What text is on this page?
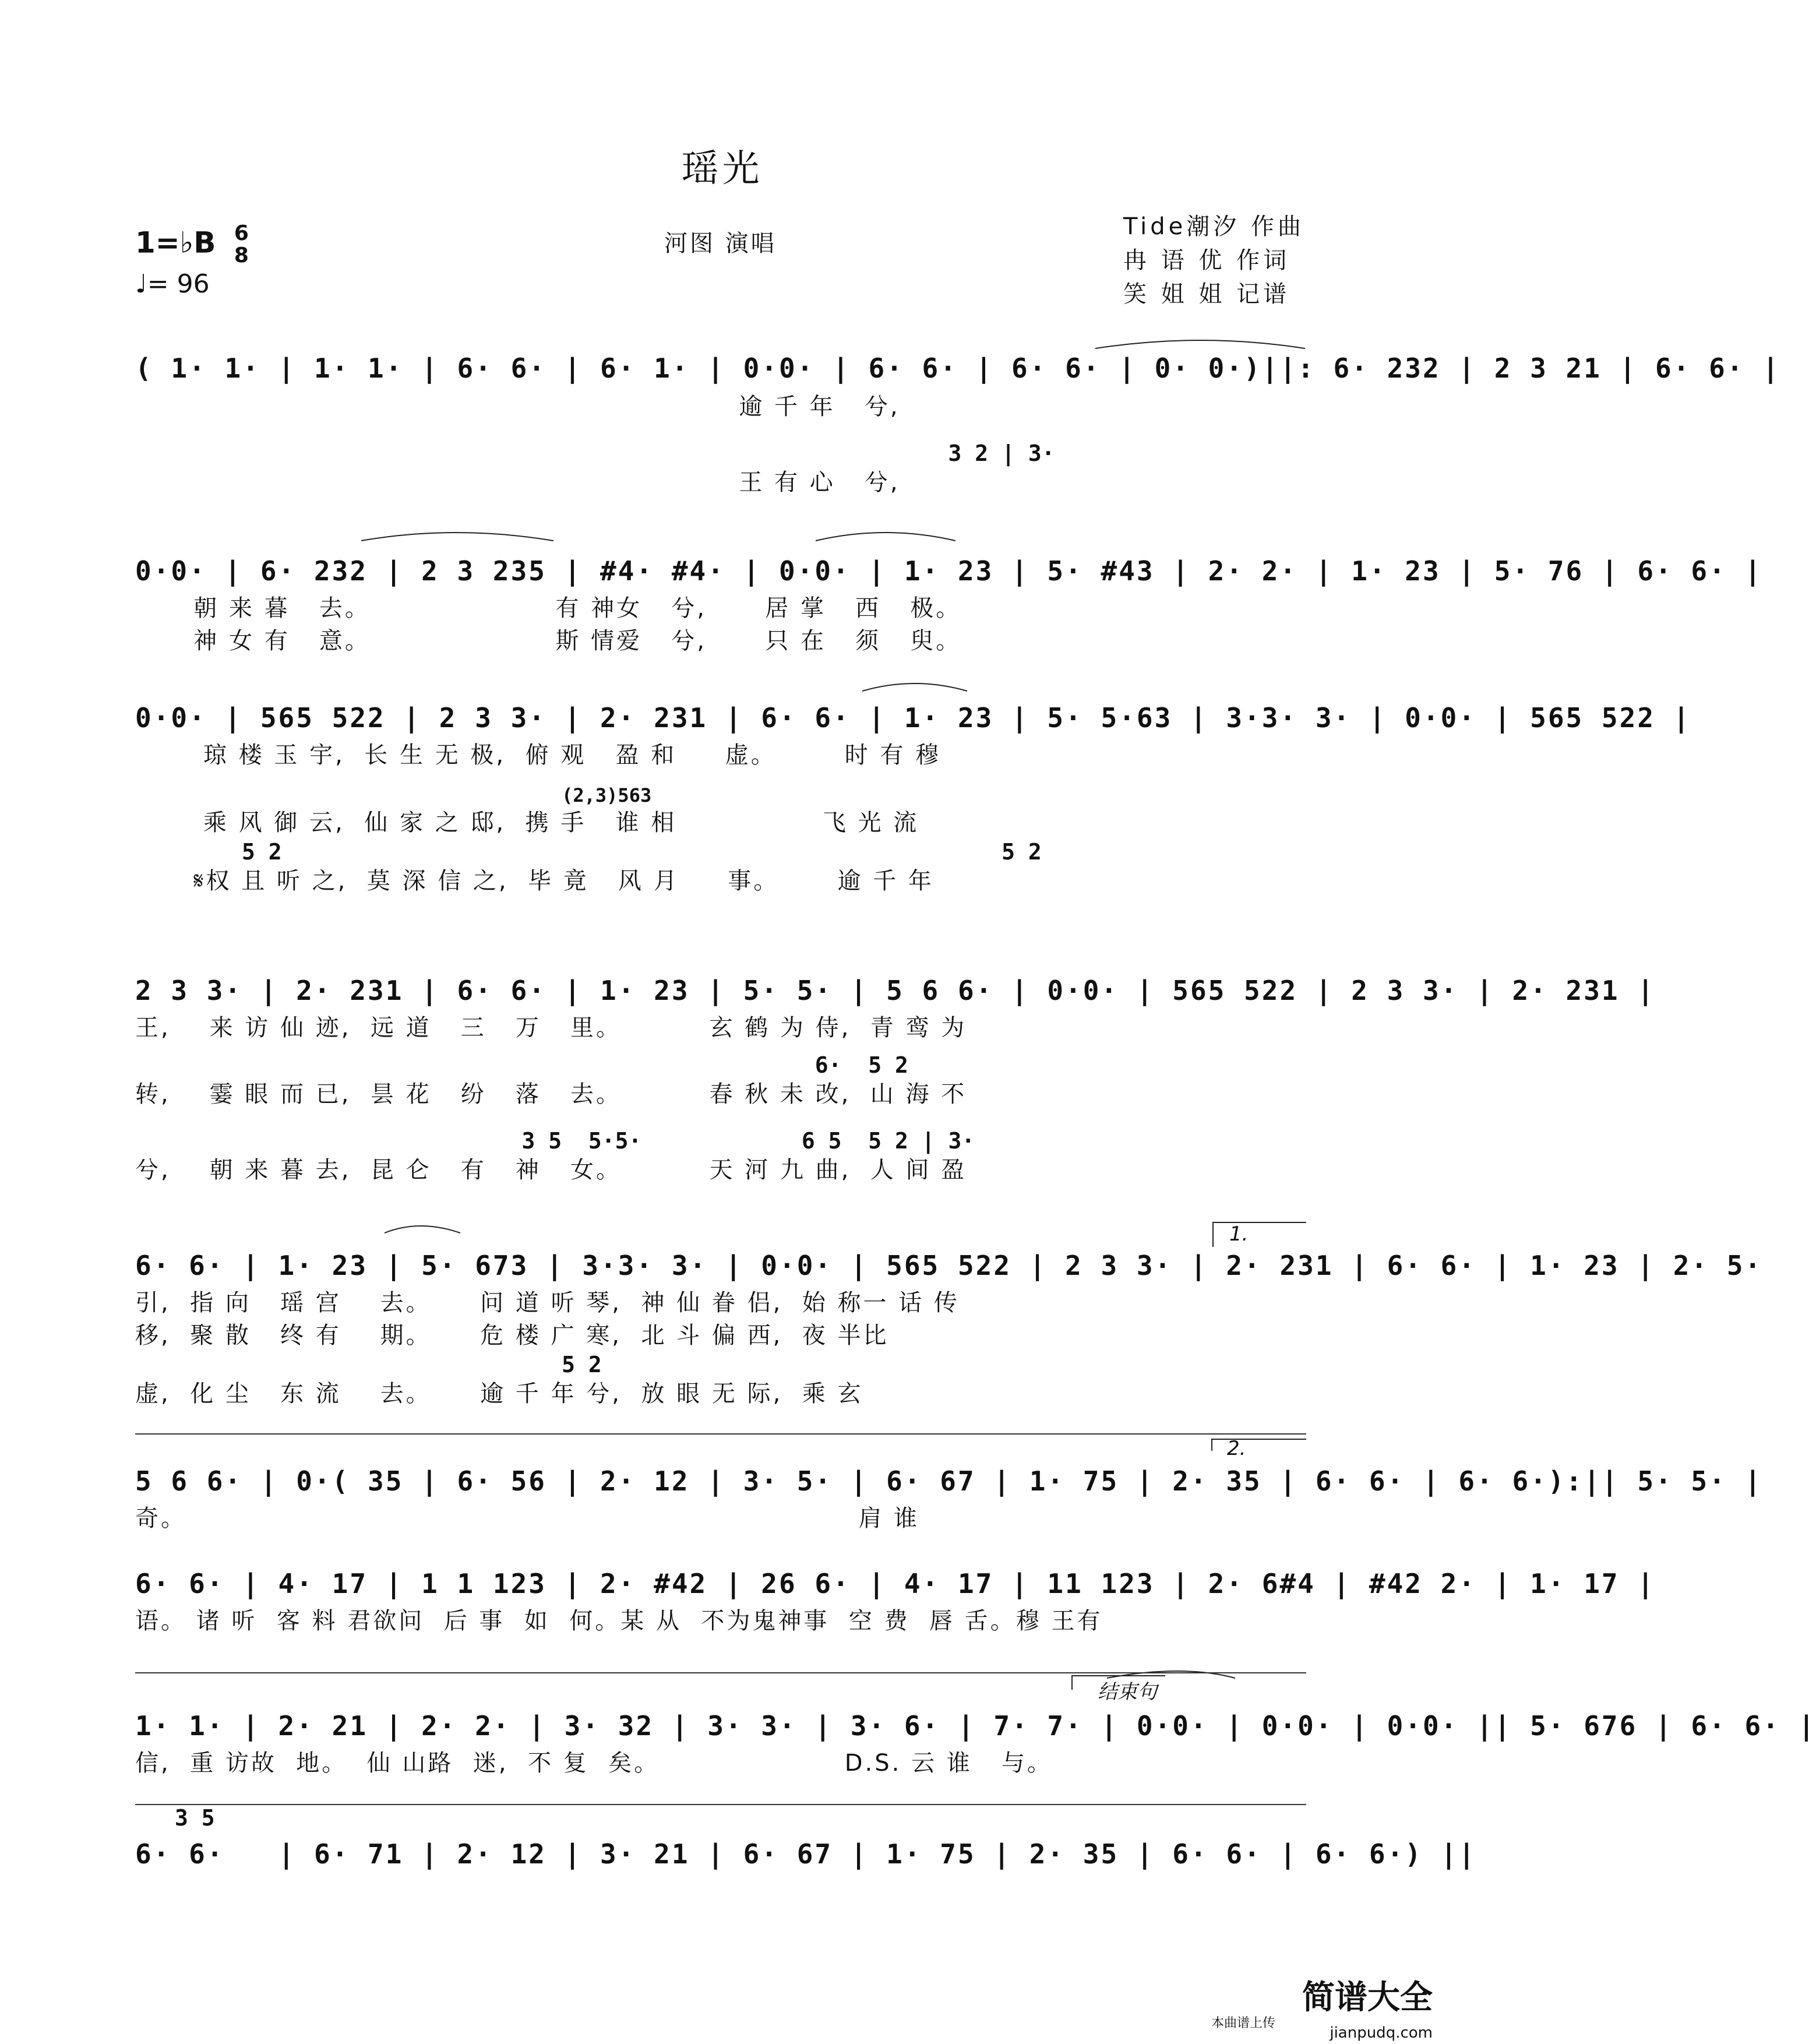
瑶光
1=♭B 6
8
♩= 96
河图 演唱
Tide潮汐 作曲
冉 语 优 作词
笑 姐 姐 记谱
( 1· 1· | 1· 1· | 6· 6· | 6· 1· | 0·0· | 6· 6· | 6· 6· | 0· 0·)||: 6· 232 | 2 3 21 | 6· 6· |
逾 千 年   兮,
3 2 | 3·
王 有 心   兮,
0·0· | 6· 232 | 2 3 235 | #4· #4· | 0·0· | 1· 23 | 5· #43 | 2· 2· | 1· 23 | 5· 76 | 6· 6· |
朝 来 暮   去。                   有 神女   兮,      居 掌   西   极。
神 女 有   意。                   斯 情爱   兮,      只 在   须   臾。
0·0· | 565 522 | 2 3 3· | 2· 231 | 6· 6· | 1· 23 | 5· 5·63 | 3·3· 3· | 0·0· | 565 522 |
琼 楼 玉 宇,  长 生 无 极,  俯 观   盈 和     虚。       时 有 穆
(2,3)563
乘 风 御 云,  仙 家 之 邸,  携 手   谁 相               飞 光 流
5 2                                                      5 2
𝄋权 且 听 之,  莫 深 信 之,  毕 竟   风 月     事。      逾 千 年
2 3 3· | 2· 231 | 6· 6· | 1· 23 | 5· 5· | 5 6 6· | 0·0· | 565 522 | 2 3 3· | 2· 231 |
王,    来 访 仙 迹,  远 道   三   万   里。         玄 鹤 为 侍,  青 鸾 为
6·  5 2
转,    霎 眼 而 已,  昙 花   纷   落   去。         春 秋 未 改,  山 海 不
3 5  5·5·            6 5  5 2 | 3·
兮,    朝 来 暮 去,  昆 仑   有   神   女。         天 河 九 曲,  人 间 盈
1.
6· 6· | 1· 23 | 5· 673 | 3·3· 3· | 0·0· | 565 522 | 2 3 3· | 2· 231 | 6· 6· | 1· 23 | 2· 5·
引,  指 向   瑶 宫    去。     问 道 听 琴,  神 仙 眷 侣,  始 称一 话 传
移,  聚 散   终 有    期。     危 楼 广 寒,  北 斗 偏 西,  夜 半比
5 2
虚,  化 尘   东 流    去。     逾 千 年 兮,  放 眼 无 际,  乘 玄
2.
5 6 6· | 0·( 35 | 6· 56 | 2· 12 | 3· 5· | 6· 67 | 1· 75 | 2· 35 | 6· 6· | 6· 6·):|| 5· 5· |
奇。                                                                     肩 谁
6· 6· | 4· 17 | 1 1 123 | 2· #42 | 26 6· | 4· 17 | 11 123 | 2· 6#4 | #42 2· | 1· 17 |
语。 诸 听  客 料 君欲问  后 事  如  何。某 从  不为鬼神事  空 费  唇 舌。穆 王有
结束句
1· 1· | 2· 21 | 2· 2· | 3· 32 | 3· 3· | 3· 6· | 7· 7· | 0·0· | 0·0· | 0·0· || 5· 676 | 6· 6· |
信,  重 访故  地。  仙 山路  迷,  不 复  矣。                   D.S. 云 谁   与。
3 5
6· 6·   | 6· 71 | 2· 12 | 3· 21 | 6· 67 | 1· 75 | 2· 35 | 6· 6· | 6· 6·) ||
简谱大全
本曲谱上传
jianpudq.com
